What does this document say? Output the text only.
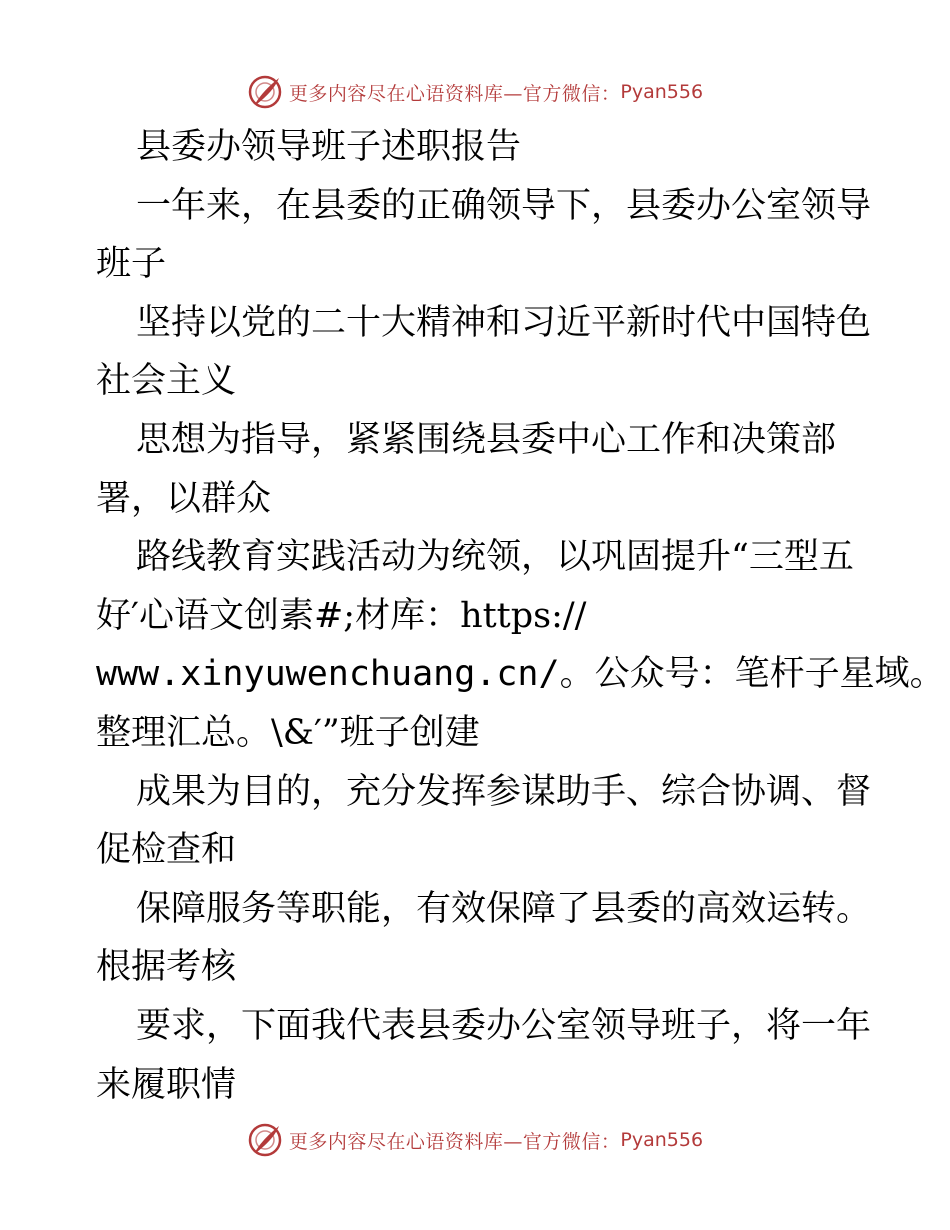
更多内容尽在心语资料库—官方微信： Pyan556
县委办领导班子述职报告
一年来，在县委的正确领导下，县委办公室领导
班子
坚持以党的二十大精神和习近平新时代中国特色
社会主义
思想为指导，紧紧围绕县委中心工作和决策部
署，以群众
路线教育实践活动为统领，以巩固提升“三型五
好′心语文创素#;材库：https://
www.xinyuwenchuang.cn/。公众号：笔杆子星域。
整理汇总。\&′”班子创建
成果为目的，充分发挥参谋助手、综合协调、督
促检查和
保障服务等职能，有效保障了县委的高效运转。
根据考核
要求，下面我代表县委办公室领导班子，将一年
来履职情
更多内容尽在心语资料库—官方微信： Pyan556
